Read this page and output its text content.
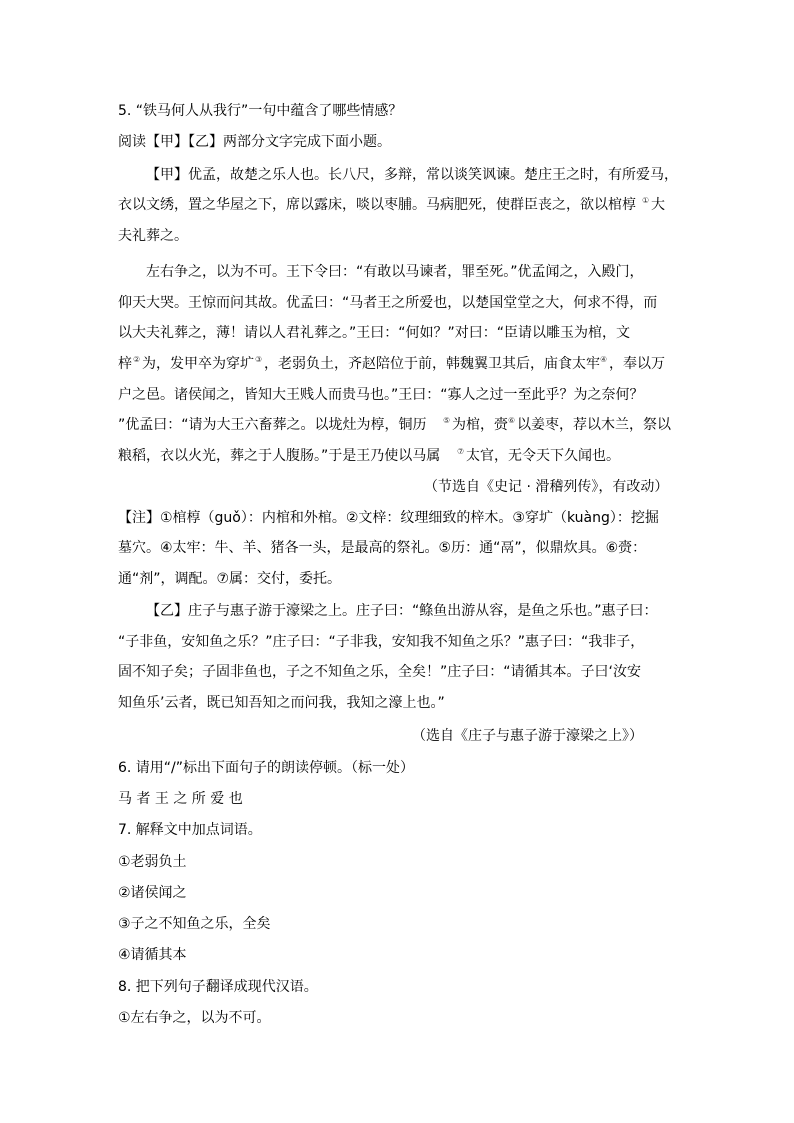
5. “铁马何人从我行”一句中蕴含了哪些情感？
阅读【甲】【乙】两部分文字完成下面小题。
【甲】优孟，故楚之乐人也。长八尺，多辩，常以谈笑讽谏。楚庄王之时，有所爱马，
衣以文绣，置之华屋之下，席以露床，啖以枣脯。马病肥死，使群臣丧之，欲以棺椁 ① 大
夫礼葬之。
左右争之，以为不可。王下令曰：“有敢以马谏者，罪至死。”优孟闻之，入殿门，
仰天大哭。王惊而问其故。优孟曰：“马者王之所爱也，以楚国堂堂之大，何求不得，而
以大夫礼葬之，薄！请以人君礼葬之。”王曰：“何如？”对曰：“臣请以雕玉为棺，文
梓 ② 为，发甲卒为穿圹 ③ ，老弱负土，齐赵陪位于前，韩魏翼卫其后，庙食太牢 ④ ，奉以万
户之邑。诸侯闻之，皆知大王贱人而贵马也。”王曰：“寡人之过一至此乎？为之奈何？
”优孟曰：“请为大王六畜葬之。以垅灶为椁，铜历 ⑤ 为棺，赍 ⑥ 以姜枣，荐以木兰，祭以
粮稻，衣以火光，葬之于人腹肠。”于是王乃使以马属 ⑦ 太官，无令天下久闻也。
（节选自《史记 · 滑稽列传》，有改动）
【注】①棺椁（guǒ）：内棺和外棺。②文梓：纹理细致的梓木。③穿圹（kuàng）：挖掘
墓穴。④太牢：牛、羊、猪各一头，是最高的祭礼。⑤历：通“鬲”，似鼎炊具。⑥赍：
通“剂”，调配。⑦属：交付，委托。
【乙】庄子与惠子游于濠梁之上。庄子曰：“鲦鱼出游从容，是鱼之乐也。”惠子曰：
“子非鱼，安知鱼之乐？”庄子曰：“子非我，安知我不知鱼之乐？”惠子曰：“我非子，
固不知子矣；子固非鱼也，子之不知鱼之乐，全矣！”庄子曰：“请循其本。子曰‘汝安
知鱼乐’云者，既已知吾知之而问我，我知之濠上也。”
（选自《庄子与惠子游于濠梁之上》）
6. 请用“/”标出下面句子的朗读停顿。（标一处）
马 者 王 之 所 爱 也
7. 解释文中加点词语。
①老弱负土
②诸侯闻之
③子之不知鱼之乐，全矣
④请循其本
8. 把下列句子翻译成现代汉语。
①左右争之，以为不可。
